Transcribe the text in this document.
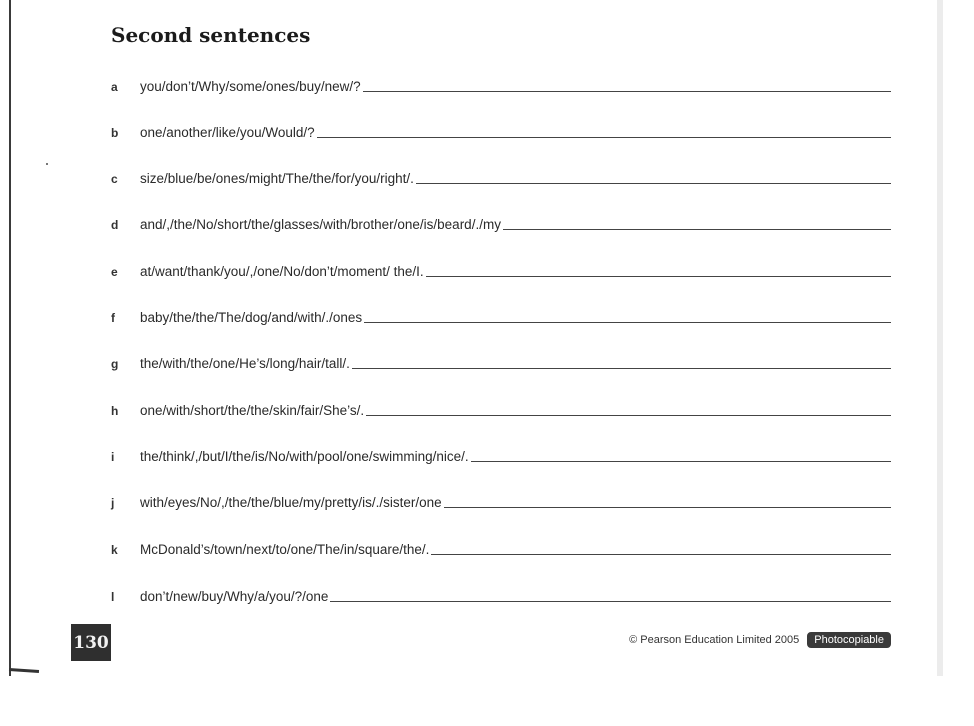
Second sentences
a	you/don’t/Why/some/ones/buy/new/?
b	one/another/like/you/Would/?
c	size/blue/be/ones/might/The/the/for/you/right/.
d	and/,/the/No/short/the/glasses/with/brother/one/is/beard/./my
e	at/want/thank/you/,/one/No/don’t/moment/ the/I.
f	baby/the/the/The/dog/and/with/./ones
g	the/with/the/one/He’s/long/hair/tall/.
h	one/with/short/the/the/skin/fair/She’s/.
i	the/think/,/but/I/the/is/No/with/pool/one/swimming/nice/.
j	with/eyes/No/,/the/the/blue/my/pretty/is/./sister/one
k	McDonald’s/town/next/to/one/The/in/square/the/.
l	don’t/new/buy/Why/a/you/?/one
130	© Pearson Education Limited 2005	Photocopiable
